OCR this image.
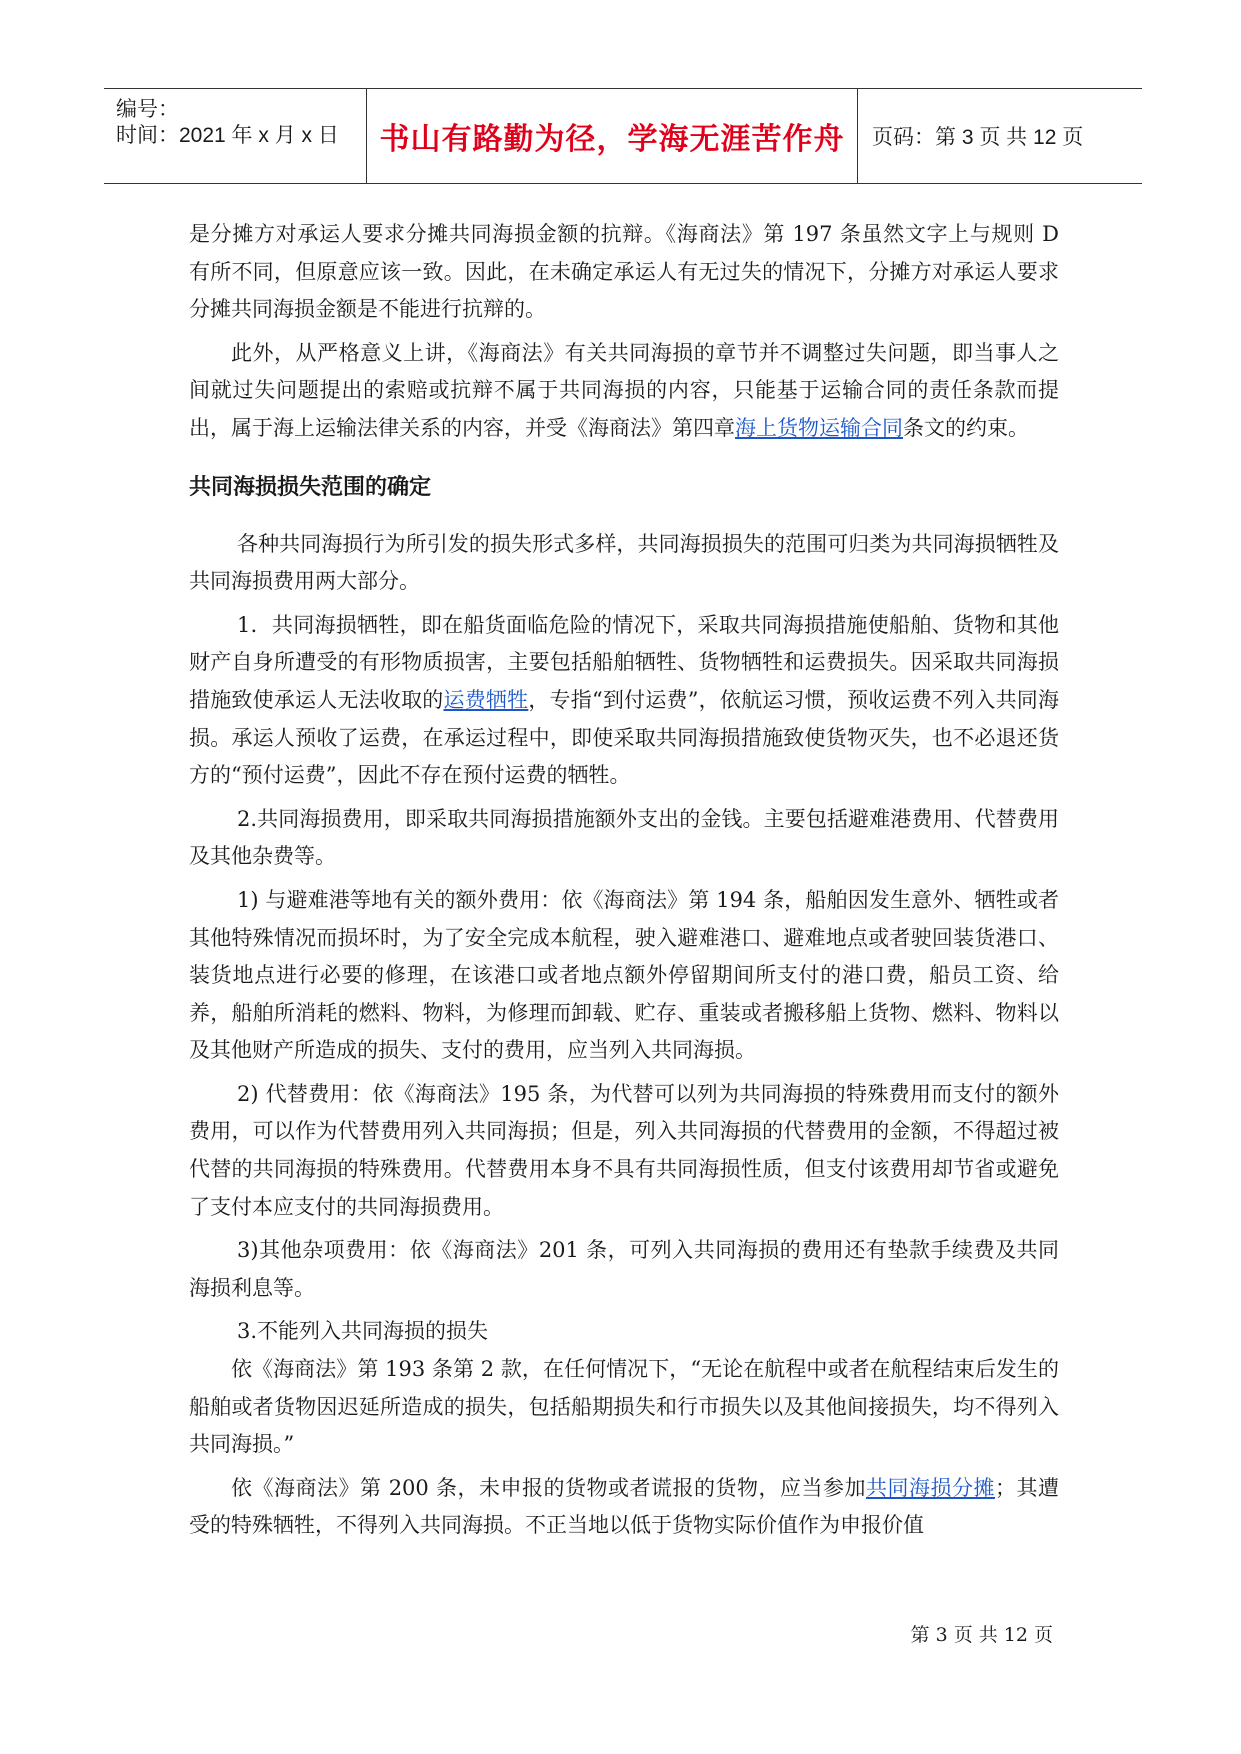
编号：
时间：2021 年 x 月 x 日	书山有路勤为径，学海无涯苦作舟	页码：第 3 页 共 12 页

是分摊方对承运人要求分摊共同海损金额的抗辩。《海商法》第 197 条虽然文字上与规则 D 有所不同，但原意应该一致。因此，在未确定承运人有无过失的情况下，分摊方对承运人要求分摊共同海损金额是不能进行抗辩的。

此外，从严格意义上讲，《海商法》有关共同海损的章节并不调整过失问题，即当事人之间就过失问题提出的索赔或抗辩不属于共同海损的内容，只能基于运输合同的责任条款而提出，属于海上运输法律关系的内容，并受《海商法》第四章海上货物运输合同条文的约束。

共同海损损失范围的确定

各种共同海损行为所引发的损失形式多样，共同海损损失的范围可归类为共同海损牺牲及共同海损费用两大部分。

1．共同海损牺牲，即在船货面临危险的情况下，采取共同海损措施使船舶、货物和其他财产自身所遭受的有形物质损害，主要包括船舶牺牲、货物牺牲和运费损失。因采取共同海损措施致使承运人无法收取的运费牺牲，专指“到付运费”，依航运习惯，预收运费不列入共同海损。承运人预收了运费，在承运过程中，即使采取共同海损措施致使货物灭失，也不必退还货方的“预付运费”，因此不存在预付运费的牺牲。

2.共同海损费用，即采取共同海损措施额外支出的金钱。主要包括避难港费用、代替费用及其他杂费等。

1) 与避难港等地有关的额外费用：依《海商法》第 194 条，船舶因发生意外、牺牲或者其他特殊情况而损坏时，为了安全完成本航程，驶入避难港口、避难地点或者驶回装货港口、装货地点进行必要的修理，在该港口或者地点额外停留期间所支付的港口费，船员工资、给养，船舶所消耗的燃料、物料，为修理而卸载、贮存、重装或者搬移船上货物、燃料、物料以及其他财产所造成的损失、支付的费用，应当列入共同海损。

2) 代替费用：依《海商法》195 条，为代替可以列为共同海损的特殊费用而支付的额外费用，可以作为代替费用列入共同海损；但是，列入共同海损的代替费用的金额，不得超过被代替的共同海损的特殊费用。代替费用本身不具有共同海损性质，但支付该费用却节省或避免了支付本应支付的共同海损费用。

3)其他杂项费用：依《海商法》201 条，可列入共同海损的费用还有垫款手续费及共同海损利息等。

3.不能列入共同海损的损失

依《海商法》第 193 条第 2 款，在任何情况下，“无论在航程中或者在航程结束后发生的船舶或者货物因迟延所造成的损失，包括船期损失和行市损失以及其他间接损失，均不得列入共同海损。”

依《海商法》第 200 条，未申报的货物或者谎报的货物，应当参加共同海损分摊；其遭受的特殊牺牲，不得列入共同海损。不正当地以低于货物实际价值作为申报价值

第 3 页 共 12 页
